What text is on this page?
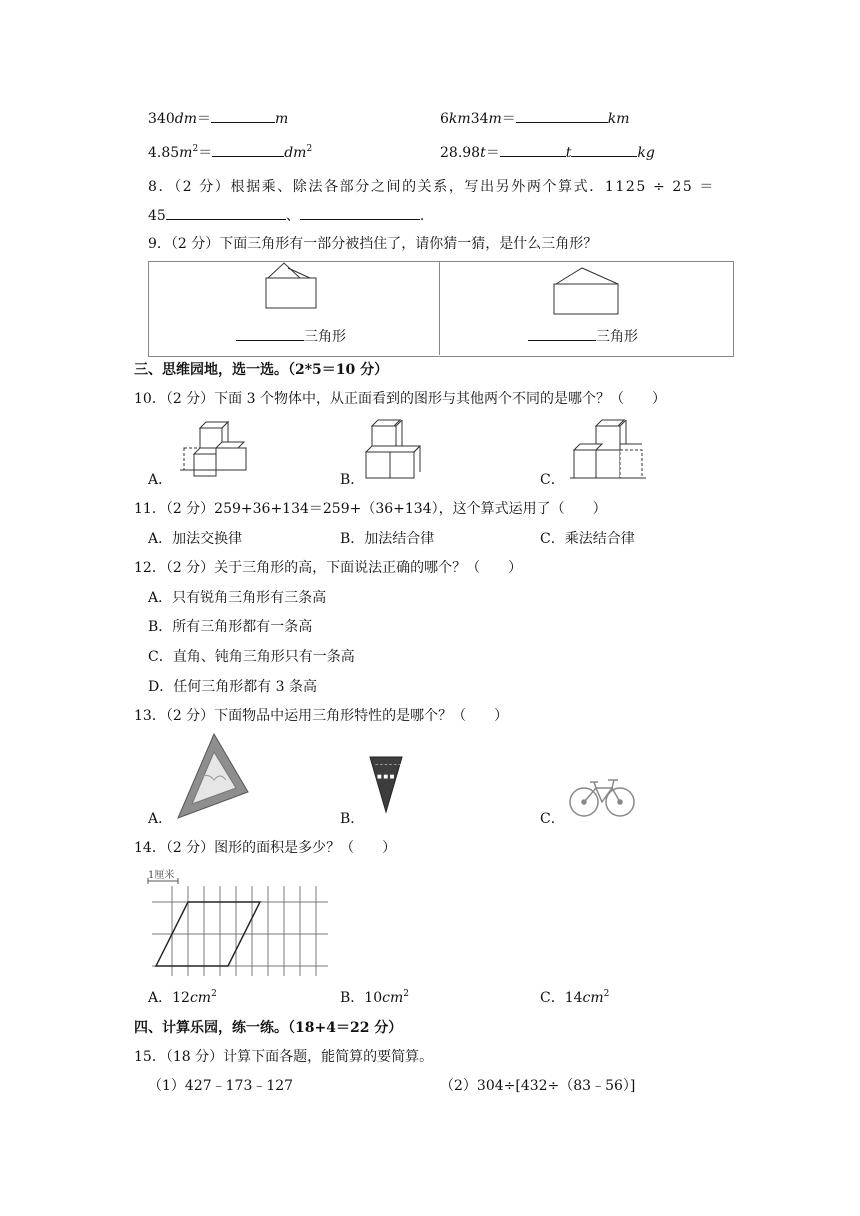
340dm＝	m	6km34m＝	km
$4.85m^2=$	$dm^2$	28.98t＝	t	kg
8．（2 分）根据乘、除法各部分之间的关系，写出另外两个算式．1125 ÷ 25 ＝
45	、	.
9．（2 分）下面三角形有一部分被挡住了，请你猜一猜，是什么三角形？
三角形	三角形
三、思维园地，选一选。（2*5＝10 分）
10．（2 分）下面 3 个物体中，从正面看到的图形与其他两个不同的是哪个？（　　）
A．	B．	C．
11．（2 分）259+36+134＝259+（36+134），这个算式运用了（　　）
A．加法交换律	B．加法结合律	C．乘法结合律
12．（2 分）关于三角形的高，下面说法正确的哪个？（　　）
A．只有锐角三角形有三条高
B．所有三角形都有一条高
C．直角、钝角三角形只有一条高
D．任何三角形都有 3 条高
13．（2 分）下面物品中运用三角形特性的是哪个？（　　）
~ ~ ~ ~ ~ ~
■ ■ ■
A．	B．	C．
14．（2 分）图形的面积是多少？（　　）
1厘米
A．$12cm^2$	B．$10cm^2$	C．$14cm^2$
四、计算乐园，练一练。（18+4＝22 分）
15．（18 分）计算下面各题，能简算的要简算。
（1）427﹣173﹣127	（2）304÷[432÷（83﹣56）]
